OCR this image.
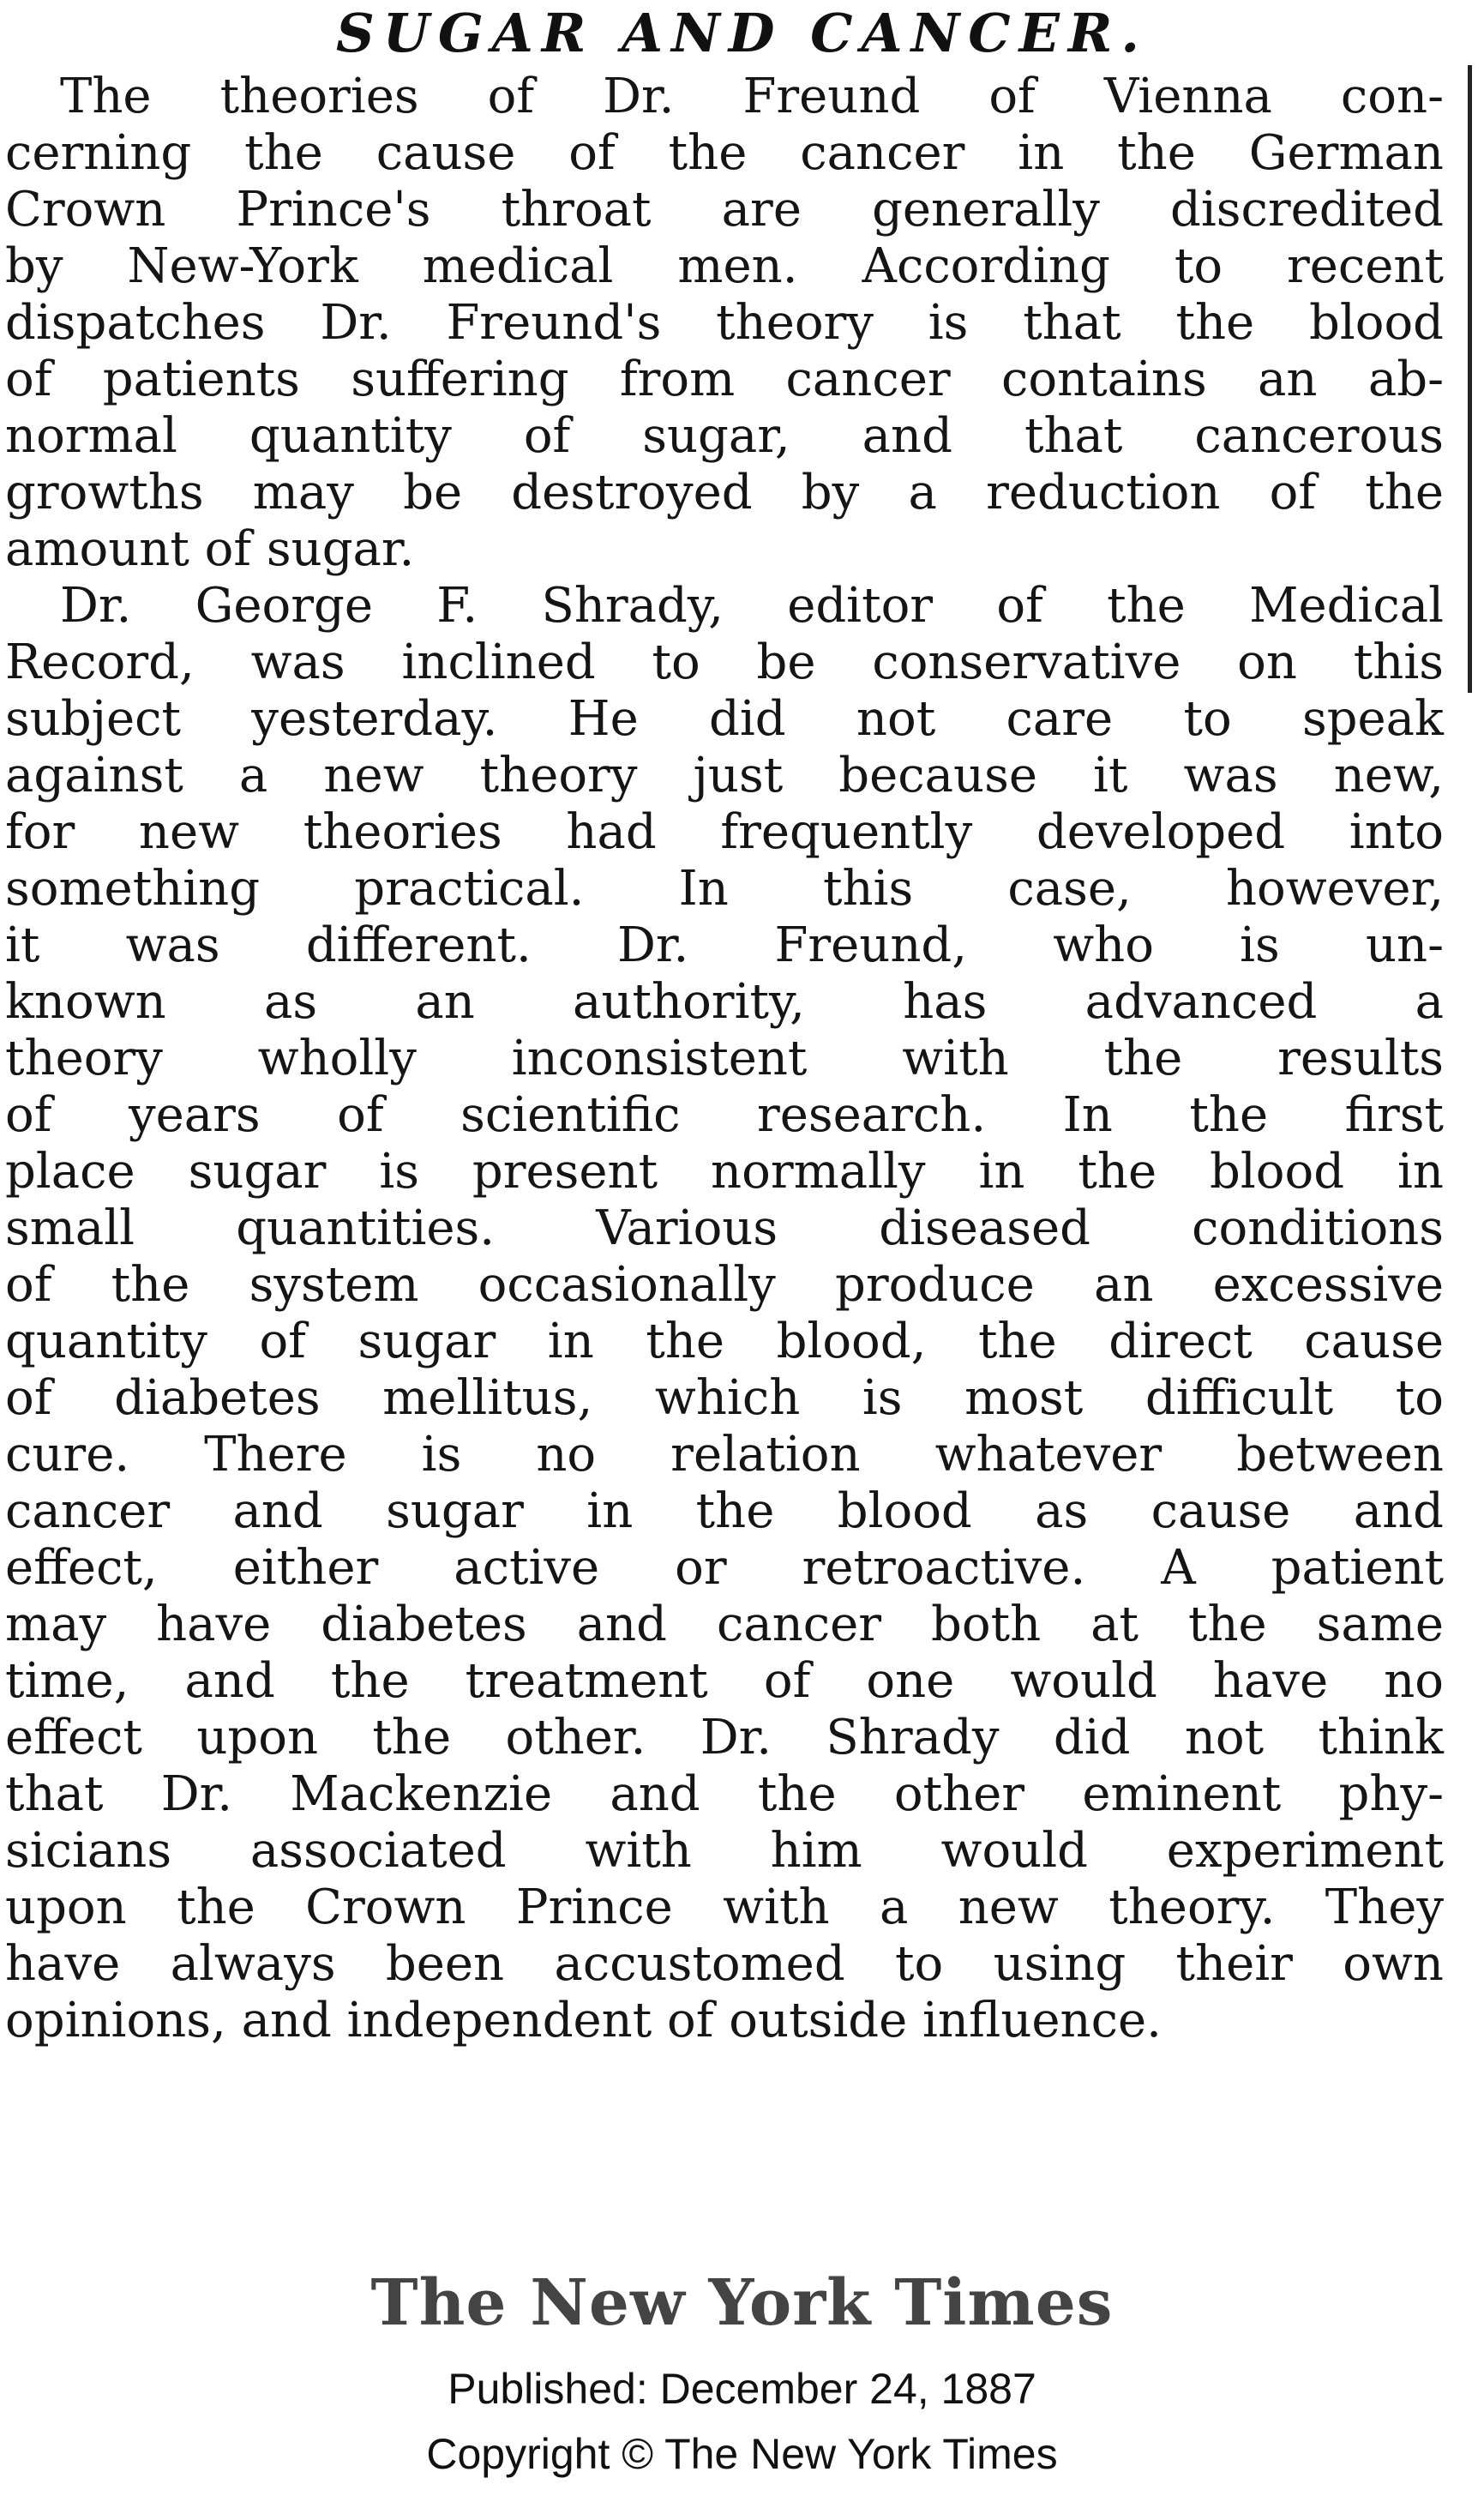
SUGAR AND CANCER.
The theories of Dr. Freund of Vienna con-
cerning the cause of the cancer in the German
Crown Prince's throat are generally discredited
by New-York medical men. According to recent
dispatches Dr. Freund's theory is that the blood
of patients suffering from cancer contains an ab-
normal quantity of sugar, and that cancerous
growths may be destroyed by a reduction of the
amount of sugar.
Dr. George F. Shrady, editor of the Medical
Record, was inclined to be conservative on this
subject yesterday. He did not care to speak
against a new theory just because it was new,
for new theories had frequently developed into
something practical. In this case, however,
it was different. Dr. Freund, who is un-
known as an authority, has advanced a
theory wholly inconsistent with the results
of years of scientific research. In the first
place sugar is present normally in the blood in
small quantities. Various diseased conditions
of the system occasionally produce an excessive
quantity of sugar in the blood, the direct cause
of diabetes mellitus, which is most difficult to
cure. There is no relation whatever between
cancer and sugar in the blood as cause and
effect, either active or retroactive. A patient
may have diabetes and cancer both at the same
time, and the treatment of one would have no
effect upon the other. Dr. Shrady did not think
that Dr. Mackenzie and the other eminent phy-
sicians associated with him would experiment
upon the Crown Prince with a new theory. They
have always been accustomed to using their own
opinions, and independent of outside influence.
The New York Times
Published: December 24, 1887
Copyright © The New York Times
